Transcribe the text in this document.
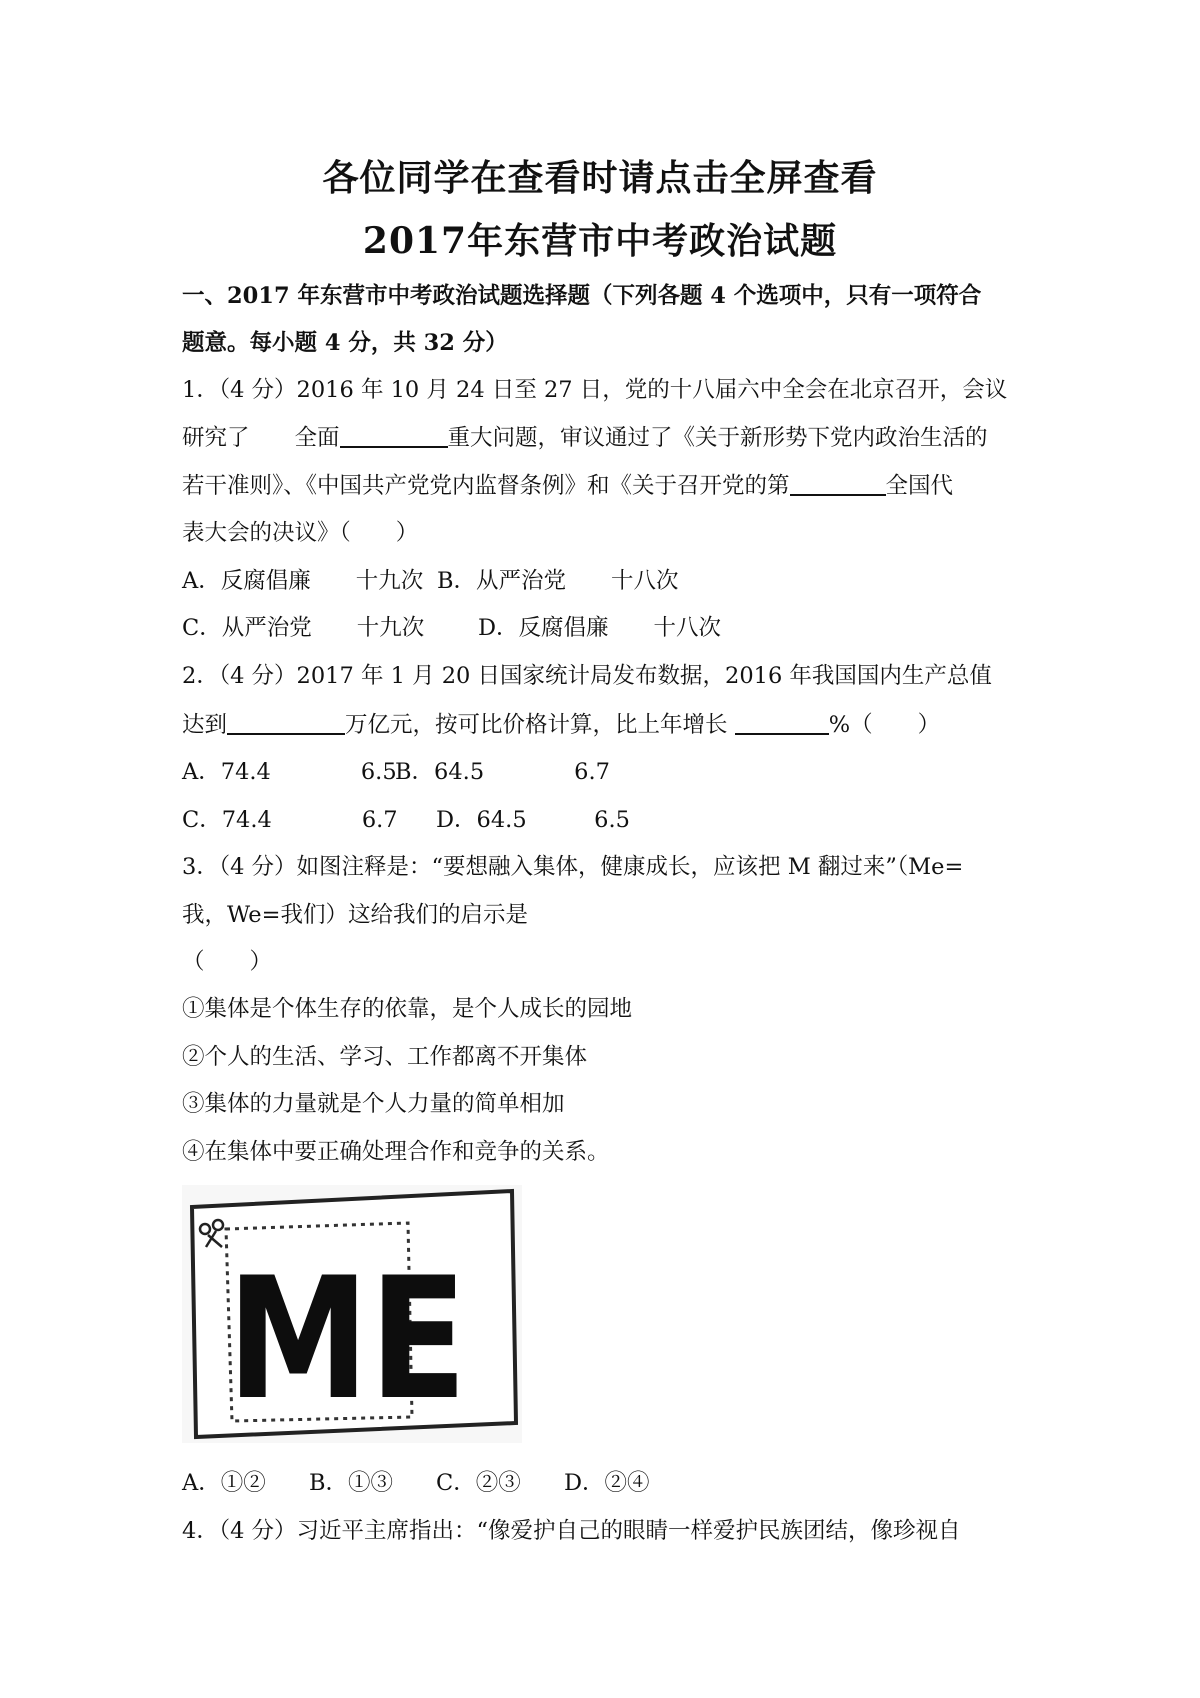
各位同学在查看时请点击全屏查看
2017年东营市中考政治试题
一、2017 年东营市中考政治试题选择题（下列各题 4 个选项中，只有一项符合
题意。每小题 4 分，共 32 分）
1．（4 分）2016 年 10 月 24 日至 27 日，党的十八届六中全会在北京召开，会议
研究了　　全面	重大问题，审议通过了《关于新形势下党内政治生活的
若干准则》、《中国共产党党内监督条例》和《关于召开党的第	全国代
表大会的决议》（　　）
A．反腐倡廉　　十九次 B．从严治党　　十八次
C．从严治党　　十九次 D．反腐倡廉　　十八次
2．（4 分）2017 年 1 月 20 日国家统计局发布数据，2016 年我国国内生产总值
达到	万亿元，按可比价格计算，比上年增长	%（　　）
A．74.4　　　　6.5
B．64.5　　　　6.7
C．74.4　　　　6.7 D．64.5　　　6.5
3．（4 分）如图注释是：“要想融入集体，健康成长，应该把 M 翻过来”（Me=
我，We=我们）这给我们的启示是
（　　）
①集体是个体生存的依靠，是个人成长的园地
②个人的生活、学习、工作都离不开集体
③集体的力量就是个人力量的简单相加
④在集体中要正确处理合作和竞争的关系。
ME
A．①② B．①③ C．②③ D．②④
4．（4 分）习近平主席指出：“像爱护自己的眼睛一样爱护民族团结，像珍视自
